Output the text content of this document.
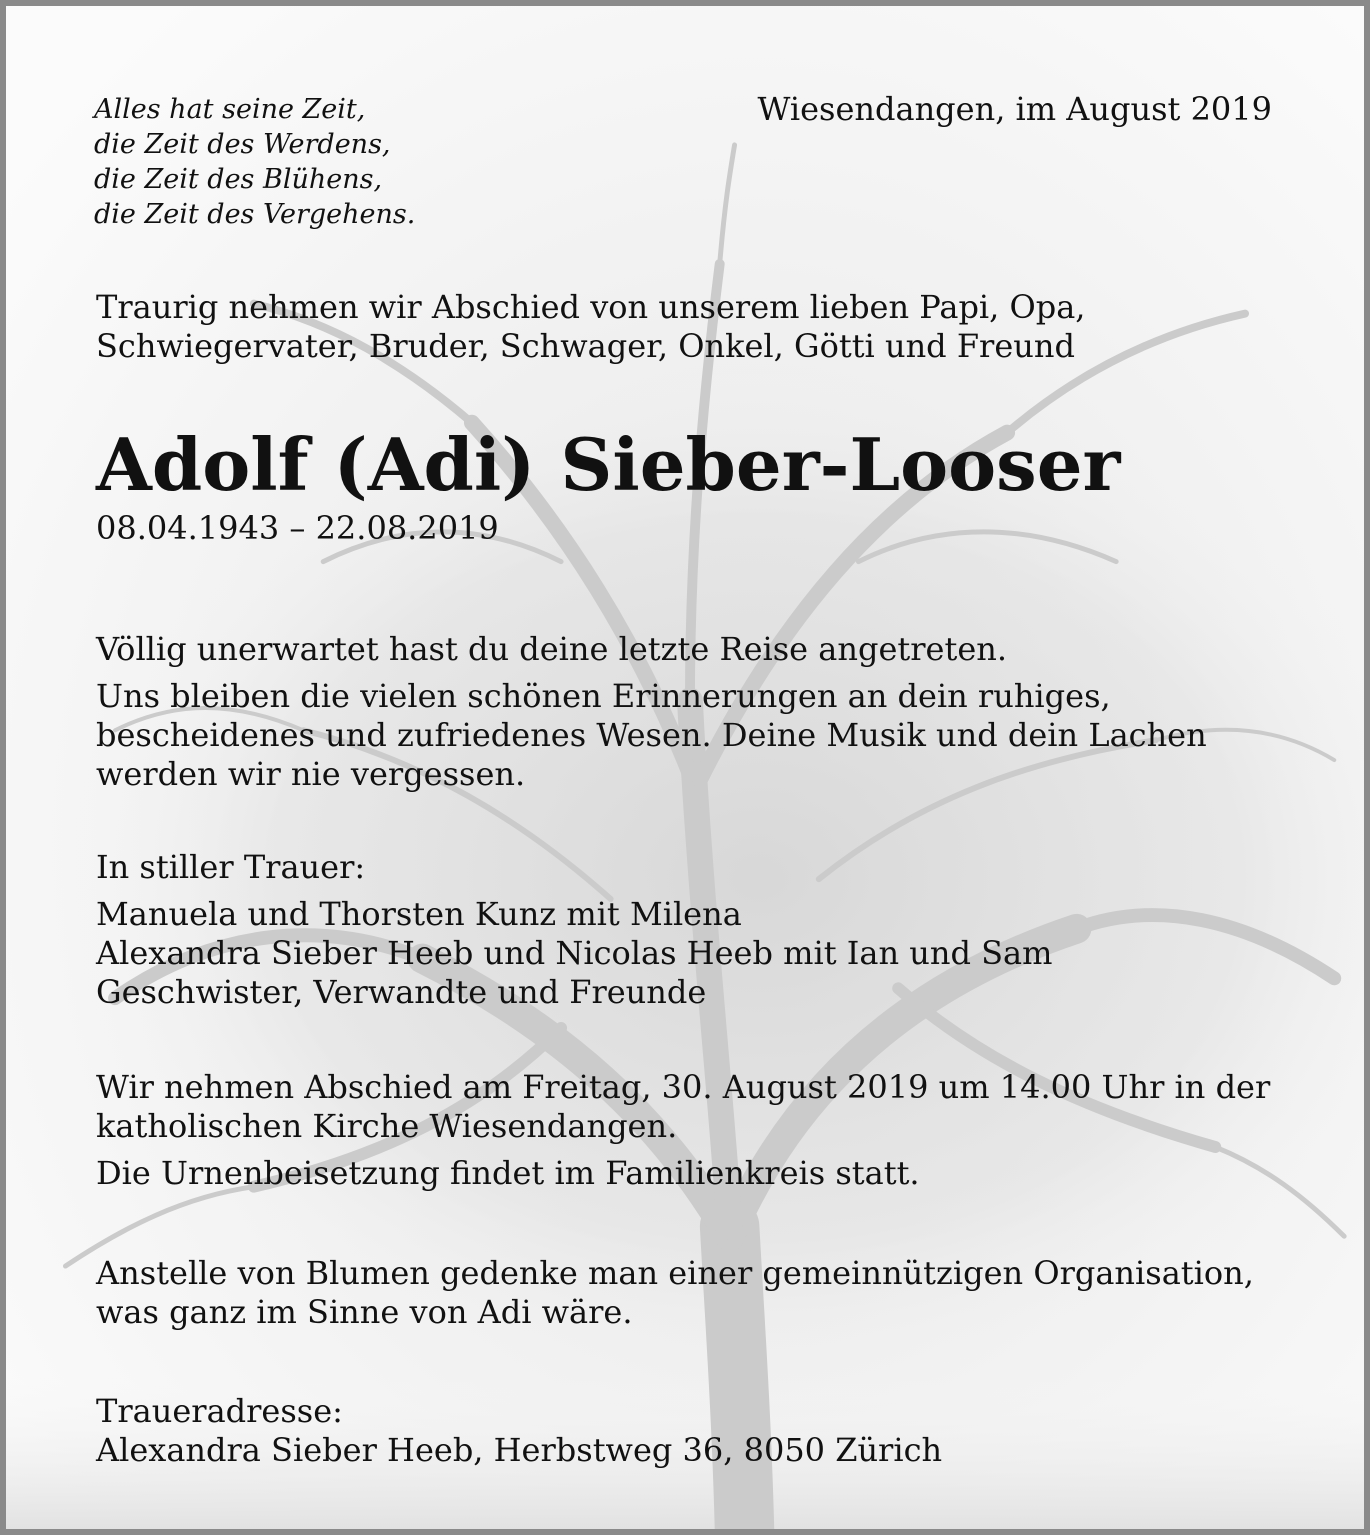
Alles hat seine Zeit,
die Zeit des Werdens,
die Zeit des Blühens,
die Zeit des Vergehens.
Wiesendangen, im August 2019
Traurig nehmen wir Abschied von unserem lieben Papi, Opa,
Schwiegervater, Bruder, Schwager, Onkel, Götti und Freund
Adolf (Adi) Sieber-Looser
08.04.1943 – 22.08.2019
Völlig unerwartet hast du deine letzte Reise angetreten.
Uns bleiben die vielen schönen Erinnerungen an dein ruhiges,
bescheidenes und zufriedenes Wesen. Deine Musik und dein Lachen
werden wir nie vergessen.
In stiller Trauer:
Manuela und Thorsten Kunz mit Milena
Alexandra Sieber Heeb und Nicolas Heeb mit Ian und Sam
Geschwister, Verwandte und Freunde
Wir nehmen Abschied am Freitag, 30. August 2019 um 14.00 Uhr in der
katholischen Kirche Wiesendangen.
Die Urnenbeisetzung findet im Familienkreis statt.
Anstelle von Blumen gedenke man einer gemeinnützigen Organisation,
was ganz im Sinne von Adi wäre.
Traueradresse:
Alexandra Sieber Heeb, Herbstweg 36, 8050 Zürich
